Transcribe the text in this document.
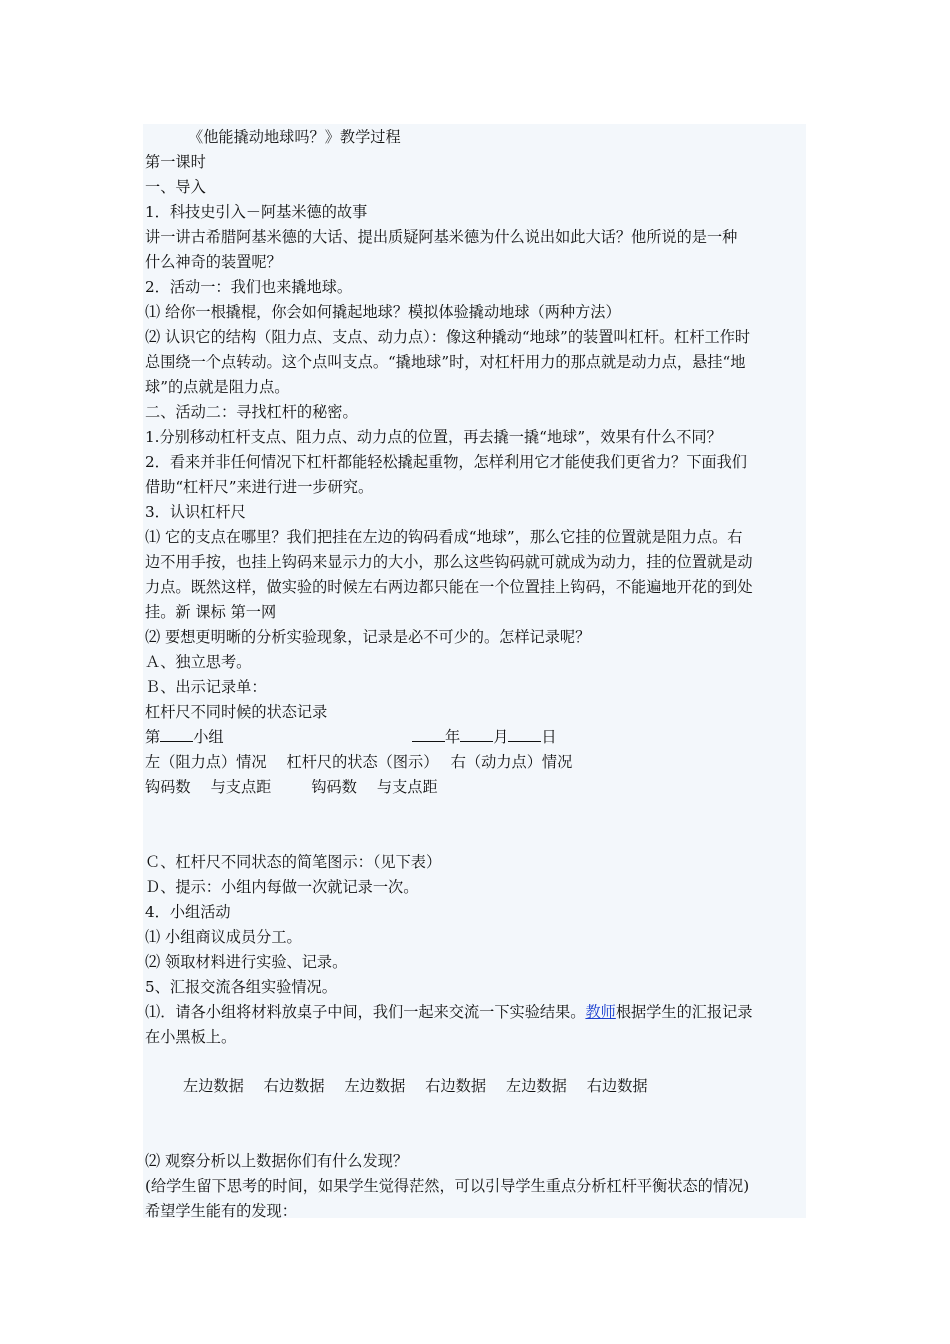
《他能撬动地球吗？》教学过程
第一课时
一、导入
1．科技史引入－阿基米德的故事
讲一讲古希腊阿基米德的大话、提出质疑阿基米德为什么说出如此大话？他所说的是一种
什么神奇的装置呢？
2．活动一：我们也来撬地球。
⑴ 给你一根撬棍，你会如何撬起地球？模拟体验撬动地球（两种方法）
⑵ 认识它的结构（阻力点、支点、动力点）：像这种撬动“地球”的装置叫杠杆。杠杆工作时
总围绕一个点转动。这个点叫支点。“撬地球”时，对杠杆用力的那点就是动力点，悬挂“地
球”的点就是阻力点。
二、活动二：寻找杠杆的秘密。
1.分别移动杠杆支点、阻力点、动力点的位置，再去撬一撬“地球”，效果有什么不同？
2．看来并非任何情况下杠杆都能轻松撬起重物，怎样利用它才能使我们更省力？下面我们
借助“杠杆尺”来进行进一步研究。
3．认识杠杆尺
⑴ 它的支点在哪里？我们把挂在左边的钩码看成“地球”，那么它挂的位置就是阻力点。右
边不用手按，也挂上钩码来显示力的大小，那么这些钩码就可就成为动力，挂的位置就是动
力点。既然这样，做实验的时候左右两边都只能在一个位置挂上钩码，不能遍地开花的到处
挂。新 课标 第一网
⑵ 要想更明晰的分析实验现象，记录是必不可少的。怎样记录呢？
Ａ、独立思考。
Ｂ、出示记录单：
杠杆尺不同时候的状态记录
第 小组	年 月 日
左（阻力点）情况　 杠杆尺的状态（图示）　 右（动力点）情况
钩码数　 与支点距　 　 钩码数　 与支点距
Ｃ、杠杆尺不同状态的简笔图示：（见下表）
Ｄ、提示：小组内每做一次就记录一次。
4．小组活动
⑴ 小组商议成员分工。
⑵ 领取材料进行实验、记录。
5、汇报交流各组实验情况。
⑴．请各小组将材料放桌子中间，我们一起来交流一下实验结果。教师根据学生的汇报记录
在小黑板上。
左边数据　 右边数据　 左边数据　 右边数据　 左边数据　 右边数据
⑵ 观察分析以上数据你们有什么发现？
(给学生留下思考的时间，如果学生觉得茫然，可以引导学生重点分析杠杆平衡状态的情况)
希望学生能有的发现：
